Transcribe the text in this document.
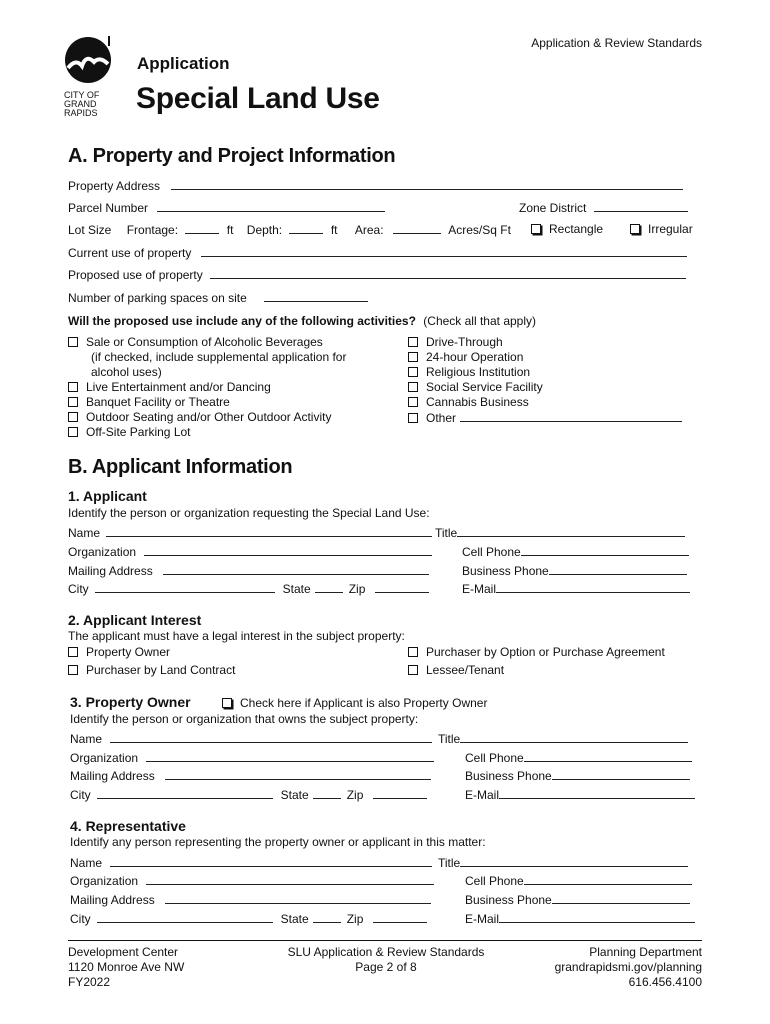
CITY OF
GRAND
RAPIDS
Application & Review Standards
Application
Special Land Use
A. Property and Project Information
Property Address
Parcel Number	Zone District
Lot Size Frontage:	ft Depth:	ft Area:	Acres/Sq Ft	Rectangle	Irregular
Current use of property
Proposed use of property
Number of parking spaces on site
Will the proposed use include any of the following activities? (Check all that apply)
Sale or Consumption of Alcoholic Beverages
(if checked, include supplemental application for
alcohol uses)
Live Entertainment and/or Dancing
Banquet Facility or Theatre
Outdoor Seating and/or Other Outdoor Activity
Off-Site Parking Lot
Drive-Through
24-hour Operation
Religious Institution
Social Service Facility
Cannabis Business
Other
B. Applicant Information
1. Applicant
Identify the person or organization requesting the Special Land Use:
Name	Title
Organization	Cell Phone
Mailing Address	Business Phone
City	State	Zip	E-Mail
2. Applicant Interest
The applicant must have a legal interest in the subject property:
Property Owner	Purchaser by Option or Purchase Agreement
Purchaser by Land Contract	Lessee/Tenant
3. Property Owner	Check here if Applicant is also Property Owner
Identify the person or organization that owns the subject property:
Name	Title
Organization	Cell Phone
Mailing Address	Business Phone
City	State	Zip	E-Mail
4. Representative
Identify any person representing the property owner or applicant in this matter:
Name	Title
Organization	Cell Phone
Mailing Address	Business Phone
City	State	Zip	E-Mail
Development Center
1120 Monroe Ave NW
FY2022
SLU Application & Review Standards
Page 2 of 8
Planning Department
grandrapidsmi.gov/planning
616.456.4100
